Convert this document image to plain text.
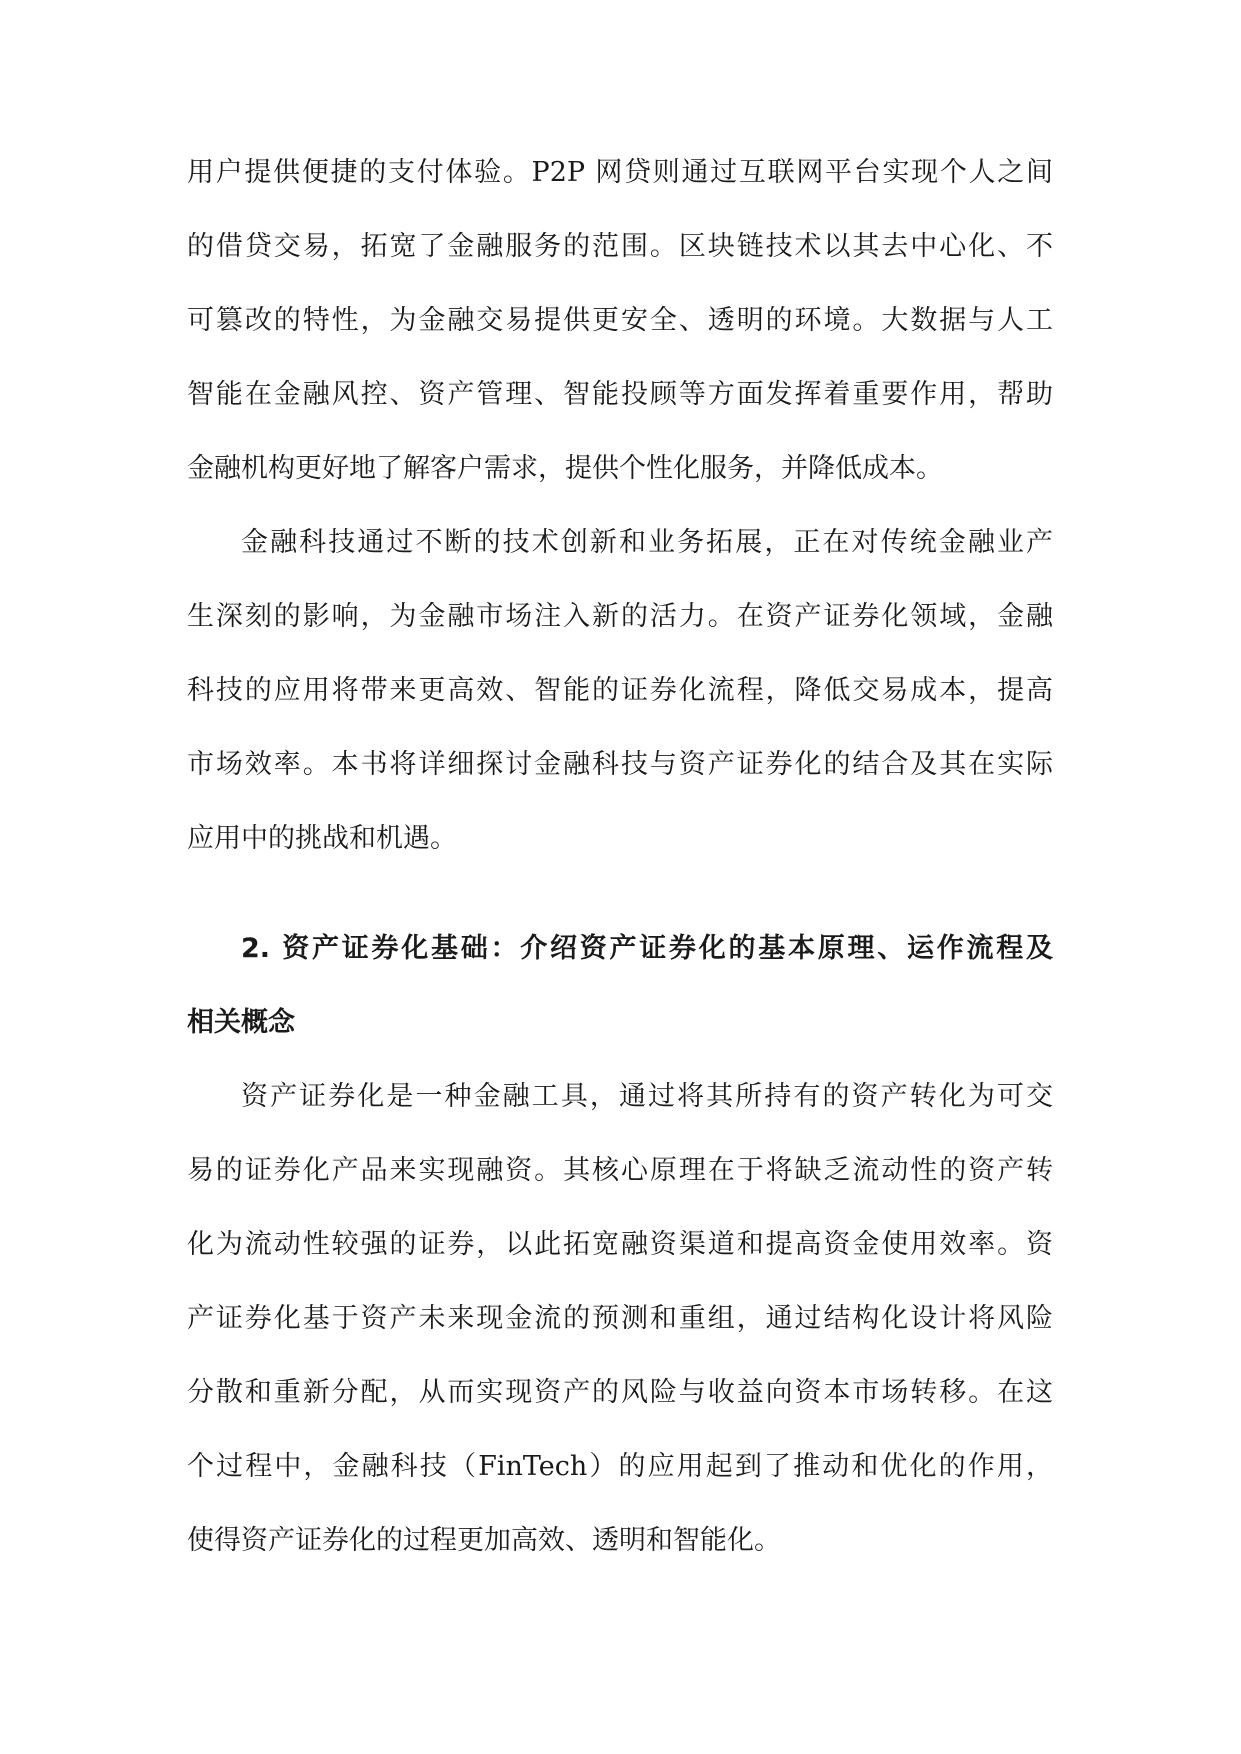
用户提供便捷的支付体验。P2P 网贷则通过互联网平台实现个人之间
的借贷交易，拓宽了金融服务的范围。区块链技术以其去中心化、不
可篡改的特性，为金融交易提供更安全、透明的环境。大数据与人工
智能在金融风控、资产管理、智能投顾等方面发挥着重要作用，帮助
金融机构更好地了解客户需求，提供个性化服务，并降低成本。

金融科技通过不断的技术创新和业务拓展，正在对传统金融业产
生深刻的影响，为金融市场注入新的活力。在资产证券化领域，金融
科技的应用将带来更高效、智能的证券化流程，降低交易成本，提高
市场效率。本书将详细探讨金融科技与资产证券化的结合及其在实际
应用中的挑战和机遇。

2. 资产证券化基础：介绍资产证券化的基本原理、运作流程及
相关概念

资产证券化是一种金融工具，通过将其所持有的资产转化为可交
易的证券化产品来实现融资。其核心原理在于将缺乏流动性的资产转
化为流动性较强的证券，以此拓宽融资渠道和提高资金使用效率。资
产证券化基于资产未来现金流的预测和重组，通过结构化设计将风险
分散和重新分配，从而实现资产的风险与收益向资本市场转移。在这
个过程中，金融科技（FinTech）的应用起到了推动和优化的作用，
使得资产证券化的过程更加高效、透明和智能化。
